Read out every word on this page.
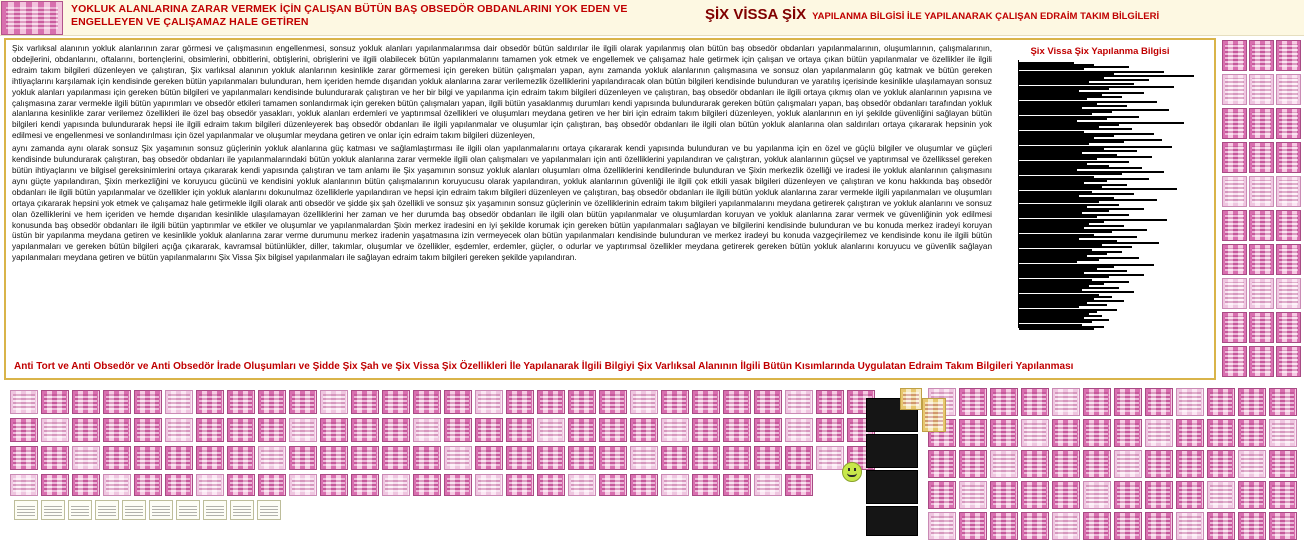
YOKLUK ALANLARINA ZARAR VERMEK İÇİN ÇALIŞAN BÜTÜN BAŞ OBSEDÖR OBDANLARINI YOK EDEN VE ENGELLEYEN VE ÇALIŞAMAZ HALE GETİREN	ŞİX VİSSA ŞİX YAPILANMA BİLGİSİ İLE YAPILANARAK ÇALIŞAN EDRAİM TAKIM BİLGİLERİ

Şix varlıksal alanının yokluk alanlarının zarar görmesi ve çalışmasının engellenmesi, sonsuz yokluk alanları yapılanmalarımsa dair obsedör bütün saldırılar ile ilgili olarak yapılanmış olan bütün baş obsedör obdanları yapılanmalarının, oluşumlarının, çalışmalarının, obdejlerini, obdanlarını, oftalarını, bortençlerini, obsimlerini, obbitlerini, obtişlerini, obrişlerini ve ilgili olabilecek bütün yapılanmalarını tamamen yok etmek ve engellemek ve çalışamaz hale getirmek için çalışan ve ortaya çıkan bütün yapılanmalar ve özellikler ile ilgili edraim takım bilgileri düzenleyen ve çalıştıran, Şix varlıksal alanının yokluk alanlarının kesinlikle zarar görmemesi için gereken bütün çalışmaları yapan, aynı zamanda yokluk alanlarının çalışmasına ve sonsuz olan yapılanmaların güç katmak ve bütün gereken ihtiyaçlarını karşılamak için kendisinde gereken bütün yapılanmaları bulunduran, hem içeriden hemde dışarıdan yokluk alanlarına zarar verilemezlik özelliklerini yapılandıracak olan bütün bilgileri kendisinde bulunduran ve yaratılış içerisinde kesinlikle ulaşılamayan sonsuz yokluk alanları yapılanması için gereken bütün bilgileri ve yapılanmaları kendisinde bulundurarak çalıştıran ve her bir bilgi ve yapılanma için edraim takım bilgileri düzenleyen ve çalıştıran, baş obsedör obdanları ile ilgili ortaya çıkmış olan ve yokluk alanlarının yapısına ve çalışmasına zarar vermekle ilgili bütün yapırımları ve obsedör etkileri tamamen sonlandırmak için gereken bütün çalışmaları yapan, ilgili bütün yasaklanmış durumları kendi yapısında bulundurarak gereken bütün çalışmaları yapan, baş obsedör obdanları tarafından yokluk alanlarına kesinlikle zarar verilemez özellikleri ile özel baş obsedör yasakları, yokluk alanları erdemleri ve yaptırımsal özellikleri ve oluşumları meydana getiren ve her biri için edraim takım bilgileri düzenleyen, yokluk alanlarının en iyi şekilde güvenliğini sağlayan bütün bilgileri kendi yapısında bulundurarak hepsi ile ilgili edraim takım bilgileri düzenleyerek baş obsedör obdanları ile ilgili yapılanmalar ve oluşumlar için çalıştıran, baş obsedör obdanları ile ilgili olan bütün yokluk alanlarına olan saldırıları ortaya çıkararak hepsinin yok edilmesi ve engellenmesi ve sonlandırılması için özel yapılanmalar ve oluşumlar meydana getiren ve onlar için edraim takım bilgileri düzenleyen,

aynı zamanda aynı olarak sonsuz Şix yaşamının sonsuz güçlerinin yokluk alanlarına güç katması ve sağlamlaştırması ile ilgili olan yapılanmalarını ortaya çıkararak kendi yapısında bulunduran ve bu yapılanma için en özel ve güçlü bilgiler ve oluşumlar ve güçleri kendisinde bulundurarak çalıştıran, baş obsedör obdanları ile yapılanmalarındaki bütün yokluk alanlarına zarar vermekle ilgili olan çalışmaları ve yapılanmaları için anti özelliklerini yapılandıran ve çalıştıran, yokluk alanlarının güçsel ve yaptırımsal ve özellikssel gereken bütün ihtiyaçlarını ve bilgisel gereksinimlerini ortaya çıkararak kendi yapısında çalıştıran ve tam anlamı ile Şix yaşamının sonsuz yokluk alanları oluşumları olma özelliklerini kendilerinde bulunduran ve Şixin merkezlik özelliği ve iradesi ile yokluk alanlarının çalışmasını aynı güçte yapılandıran, Şixin merkezliğini ve koruyucu gücünü ve kendisini yokluk alanlarının bütün çalışmalarının koruyucusu olarak yapılandıran, yokluk alanlarının güvenliği ile ilgili çok etkili yasak bilgileri düzenleyen ve çalıştıran ve konu hakkında baş obsedör obdanları ile ilgili bütün yapılanmalar ve özellikler için yokluk alanlarını dokunulmaz özelliklerle yapılandıran ve hepsi için edraim takım bilgileri düzenleyen ve çalıştıran, baş obsedör obdanları ile ilgili bütün yokluk alanlarına zarar vermekle ilgili yapılanmaları ve oluşumları ortaya çıkararak hepsini yok etmek ve çalışamaz hale getirmekle ilgili olarak anti obsedör ve şidde şix şah özellikli ve sonsuz şix yaşamının sonsuz güçlerinin ve özelliklerinin edraim takım bilgileri yapılanmalarını meydana getirerek çalıştıran ve yokluk alanlarını ve sonsuz olan özelliklerini ve hem içeriden ve hemde dışarıdan kesinlikle ulaşılamayan özelliklerini her zaman ve her durumda baş obsedör obdanları ile ilgili olan bütün yapılanmalar ve oluşumlardan koruyan ve yokluk alanlarına zarar vermek ve güvenliğinin yok edilmesi konusunda baş obsedör obdanları ile ilgili bütün yaptırımlar ve etkiler ve oluşumlar ve yapılanmalardan Şixin merkez iradesini en iyi şekilde korumak için gereken bütün yapılanmaları sağlayan ve bilgilerini kendisinde bulunduran ve bu konuda merkez iradeyi koruyan üstün bir yapılanma meydana getiren ve kesinlikle yokluk alanlarına zarar verme durumunu merkez iradenin yaşatmasına izin vermeyecek olan bütün yapılanmaları kendisinde bulunduran ve merkez iradeyi bu konuda vazgeçirilemez ve kendisinde konu ile ilgili bütün yapılanmaları ve gereken bütün bilgileri açığa çıkararak, kavramsal bütünlükler, diller, takımlar, oluşumlar ve özellikler, eşdemler, erdemler, güçler, o odurlar ve yaptırımsal özellikler meydana getirerek gereken bütün yokluk alanlarını koruyucu ve güvenlik sağlayan yapılanmaları meydana getiren ve bütün yapılanmalarını Şix Vissa Şix bilgisel yapılanmaları ile sağlayan edraim takım bilgileri gereken şekilde yapılandıran.

Şix Vissa Şix Yapılanma Bilgisi
Anti Tort ve Anti Obsedör ve Anti Obsedör İrade Oluşumları ve Şidde Şix Şah ve Şix Vissa Şix Özellikleri İle Yapılanarak İlgili Bilgiyi Şix Varlıksal Alanının İlgili Bütün Kısımlarında Uygulatan Edraim Takım Bilgileri Yapılanması
